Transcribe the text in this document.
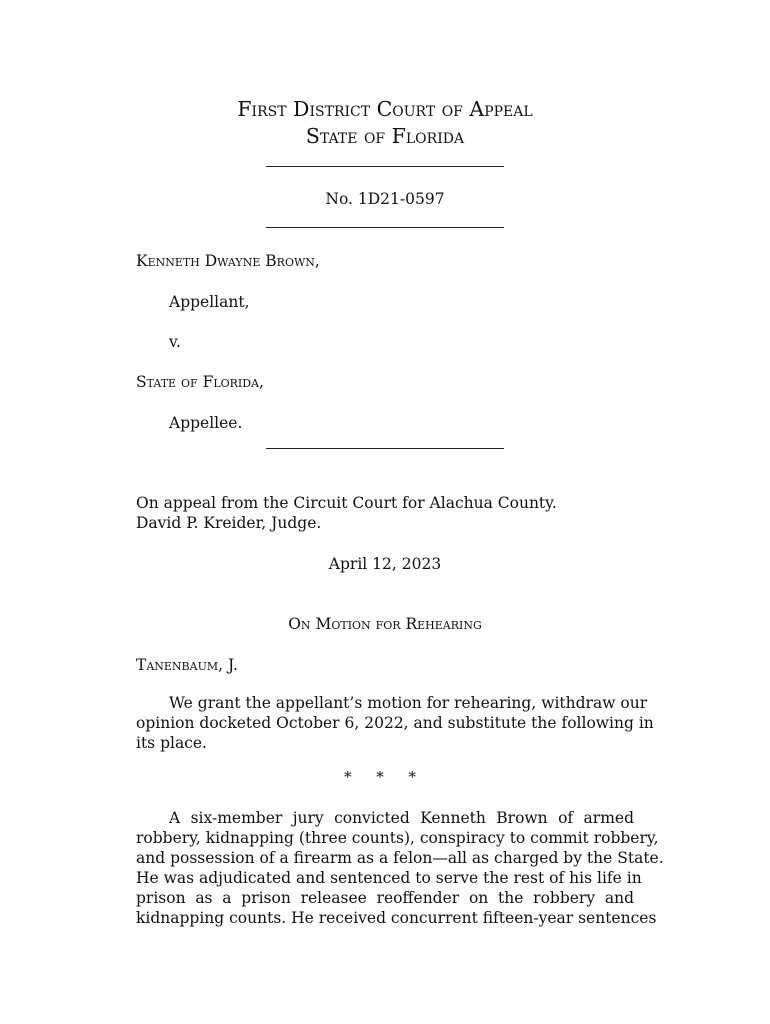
First District Court of Appeal
State of Florida
No. 1D21-0597
Kenneth Dwayne Brown,
Appellant,
v.
State of Florida,
Appellee.
On appeal from the Circuit Court for Alachua County.
David P. Kreider, Judge.
April 12, 2023
On Motion for Rehearing
Tanenbaum, J.
We grant the appellant’s motion for rehearing, withdraw our
opinion docketed October 6, 2022, and substitute the following in
its place.
* * *
A six-member jury convicted Kenneth Brown of armed
robbery, kidnapping (three counts), conspiracy to commit robbery,
and possession of a firearm as a felon—all as charged by the State.
He was adjudicated and sentenced to serve the rest of his life in
prison as a prison releasee reoffender on the robbery and
kidnapping counts. He received concurrent fifteen-year sentences
